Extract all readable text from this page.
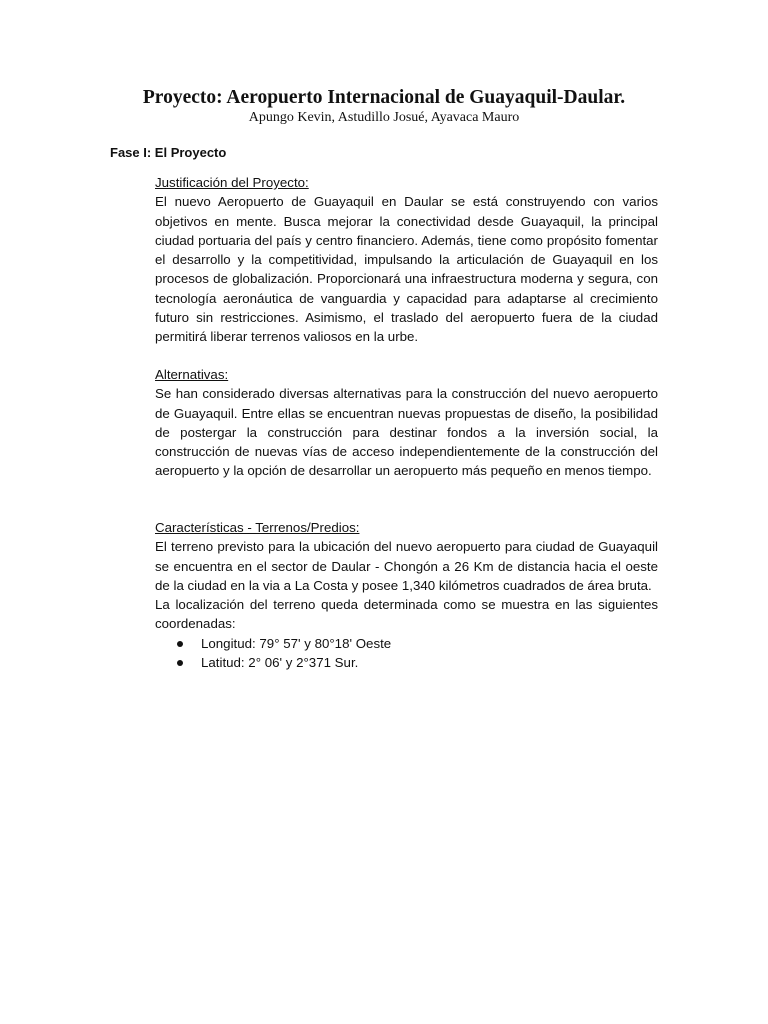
Proyecto: Aeropuerto Internacional de Guayaquil-Daular.

Apungo Kevin, Astudillo Josué, Ayavaca Mauro

Fase I: El Proyecto

Justificación del Proyecto:

El nuevo Aeropuerto de Guayaquil en Daular se está construyendo con varios objetivos en mente. Busca mejorar la conectividad desde Guayaquil, la principal ciudad portuaria del país y centro financiero. Además, tiene como propósito fomentar el desarrollo y la competitividad, impulsando la articulación de Guayaquil en los procesos de globalización. Proporcionará una infraestructura moderna y segura, con tecnología aeronáutica de vanguardia y capacidad para adaptarse al crecimiento futuro sin restricciones. Asimismo, el traslado del aeropuerto fuera de la ciudad permitirá liberar terrenos valiosos en la urbe.

Alternativas:

Se han considerado diversas alternativas para la construcción del nuevo aeropuerto de Guayaquil. Entre ellas se encuentran nuevas propuestas de diseño, la posibilidad de postergar la construcción para destinar fondos a la inversión social, la construcción de nuevas vías de acceso independientemente de la construcción del aeropuerto y la opción de desarrollar un aeropuerto más pequeño en menos tiempo.

Características - Terrenos/Predios:

El terreno previsto para la ubicación del nuevo aeropuerto para ciudad de Guayaquil se encuentra en el sector de Daular - Chongón a 26 Km de distancia hacia el oeste de la ciudad en la via a La Costa y posee 1,340 kilómetros cuadrados de área bruta.

La localización del terreno queda determinada como se muestra en las siguientes coordenadas:

Longitud: 79° 57' y 80°18' Oeste
Latitud: 2° 06' y 2°371 Sur.
